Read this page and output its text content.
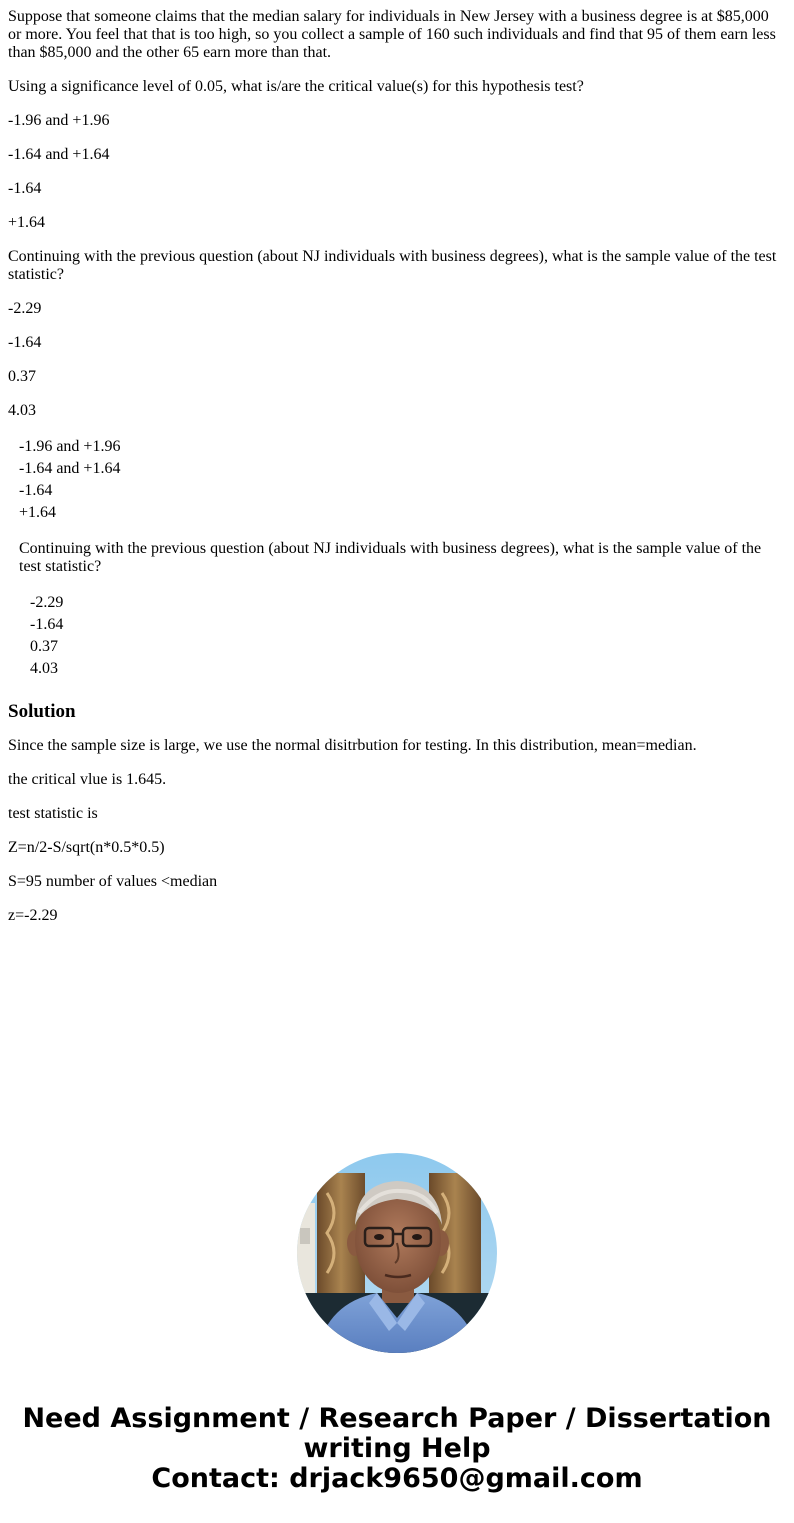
Suppose that someone claims that the median salary for individuals in New Jersey with a business degree is at $85,000 or more. You feel that that is too high, so you collect a sample of 160 such individuals and find that 95 of them earn less than $85,000 and the other 65 earn more than that.

Using a significance level of 0.05, what is/are the critical value(s) for this hypothesis test?

-1.96 and +1.96

-1.64 and +1.64

-1.64

+1.64

Continuing with the previous question (about NJ individuals with business degrees), what is the sample value of the test statistic?

-2.29

-1.64

0.37

4.03

-1.96 and +1.96
-1.64 and +1.64
-1.64
+1.64

Continuing with the previous question (about NJ individuals with business degrees), what is the sample value of the test statistic?

-2.29
-1.64
0.37
4.03
Solution

Since the sample size is large, we use the normal disitrbution for testing. In this distribution, mean=median.

the critical vlue is 1.645.

test statistic is

Z=n/2-S/sqrt(n*0.5*0.5)

S=95 number of values <median

z=-2.29

Need Assignment / Research Paper / Dissertation
writing Help
Contact: drjack9650@gmail.com
